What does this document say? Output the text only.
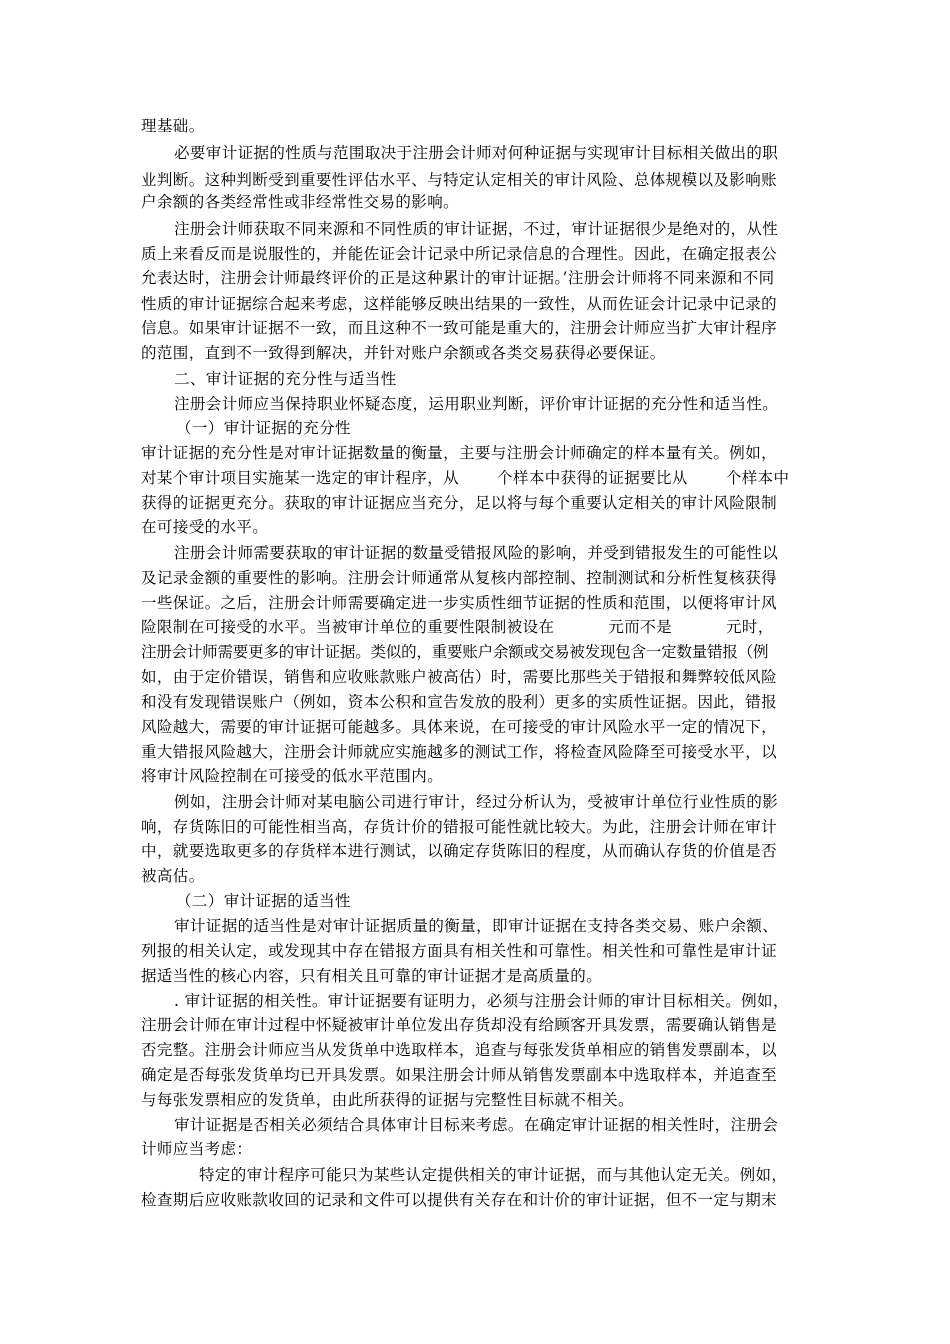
理基础。
必要审计证据的性质与范围取决于注册会计师对何种证据与实现审计目标相关做出的职
业判断。这种判断受到重要性评估水平、与特定认定相关的审计风险、总体规模以及影响账
户余额的各类经常性或非经常性交易的影响。
注册会计师获取不同来源和不同性质的审计证据，不过，审计证据很少是绝对的，从性
质上来看反而是说服性的，并能佐证会计记录中所记录信息的合理性。因此，在确定报表公
允表达时，注册会计师最终评价的正是这种累计的审计证据。’注册会计师将不同来源和不同
性质的审计证据综合起来考虑，这样能够反映出结果的一致性，从而佐证会计记录中记录的
信息。如果审计证据不一致，而且这种不一致可能是重大的，注册会计师应当扩大审计程序
的范围，直到不一致得到解决，并针对账户余额或各类交易获得必要保证。
二、审计证据的充分性与适当性
注册会计师应当保持职业怀疑态度，运用职业判断，评价审计证据的充分性和适当性。
（一）审计证据的充分性
审计证据的充分性是对审计证据数量的衡量，主要与注册会计师确定的样本量有关。例如，
对某个审计项目实施某一选定的审计程序，从 个样本中获得的证据要比从 个样本中
获得的证据更充分。获取的审计证据应当充分，足以将与每个重要认定相关的审计风险限制
在可接受的水平。
注册会计师需要获取的审计证据的数量受错报风险的影响，并受到错报发生的可能性以
及记录金额的重要性的影响。注册会计师通常从复核内部控制、控制测试和分析性复核获得
一些保证。之后，注册会计师需要确定进一步实质性细节证据的性质和范围，以便将审计风
险限制在可接受的水平。当被审计单位的重要性限制被设在	元而不是	元时，
注册会计师需要更多的审计证据。类似的，重要账户余额或交易被发现包含一定数量错报（例
如，由于定价错误，销售和应收账款账户被高估）时，需要比那些关于错报和舞弊较低风险
和没有发现错误账户（例如，资本公积和宣告发放的股利）更多的实质性证据。因此，错报
风险越大，需要的审计证据可能越多。具体来说，在可接受的审计风险水平一定的情况下，
重大错报风险越大，注册会计师就应实施越多的测试工作，将检查风险降至可接受水平，以
将审计风险控制在可接受的低水平范围内。
例如，注册会计师对某电脑公司进行审计，经过分析认为，受被审计单位行业性质的影
响，存货陈旧的可能性相当高，存货计价的错报可能性就比较大。为此，注册会计师在审计
中，就要选取更多的存货样本进行测试，以确定存货陈旧的程度，从而确认存货的价值是否
被高估。
（二）审计证据的适当性
审计证据的适当性是对审计证据质量的衡量，即审计证据在支持各类交易、账户余额、
列报的相关认定，或发现其中存在错报方面具有相关性和可靠性。相关性和可靠性是审计证
据适当性的核心内容，只有相关且可靠的审计证据才是高质量的。
. 审计证据的相关性。审计证据要有证明力，必须与注册会计师的审计目标相关。例如，
注册会计师在审计过程中怀疑被审计单位发出存货却没有给顾客开具发票，需要确认销售是
否完整。注册会计师应当从发货单中选取样本，追查与每张发货单相应的销售发票副本，以
确定是否每张发货单均已开具发票。如果注册会计师从销售发票副本中选取样本，并追查至
与每张发票相应的发货单，由此所获得的证据与完整性目标就不相关。
审计证据是否相关必须结合具体审计目标来考虑。在确定审计证据的相关性时，注册会
计师应当考虑：
特定的审计程序可能只为某些认定提供相关的审计证据，而与其他认定无关。例如，
检查期后应收账款收回的记录和文件可以提供有关存在和计价的审计证据，但不一定与期末
